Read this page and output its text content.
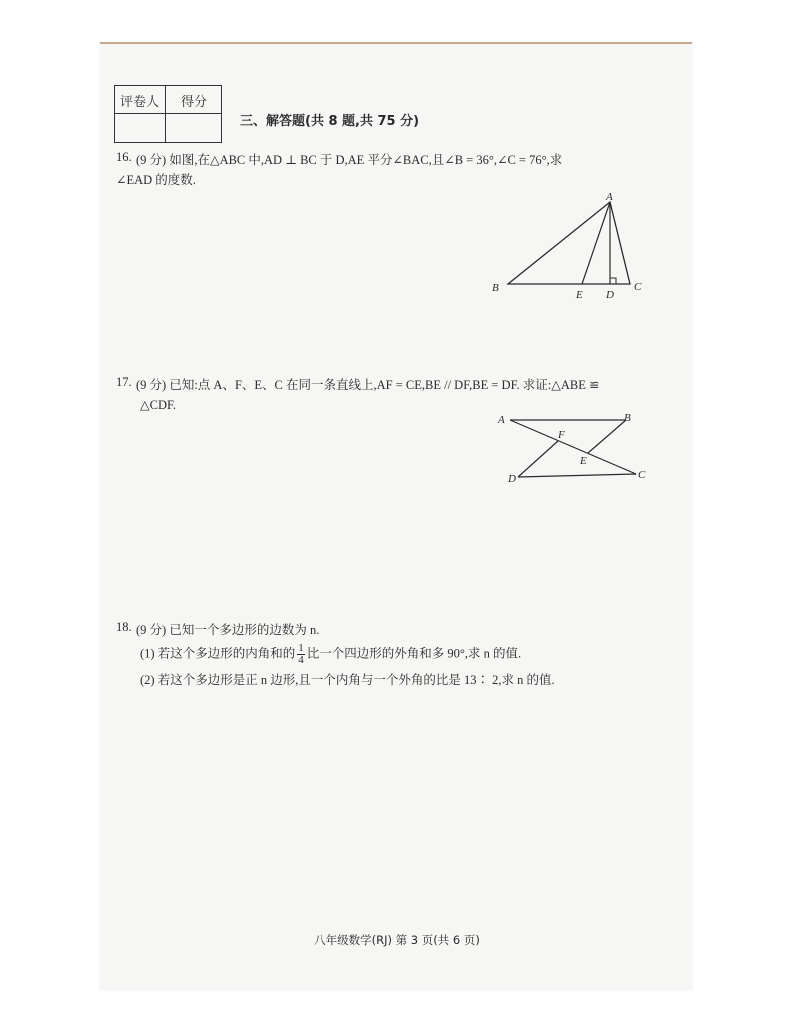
评卷人 得分
三、解答题(共 8 题,共 75 分)
16. (9 分) 如图,在△ABC 中,AD ⊥ BC 于 D,AE 平分∠BAC,且∠B = 36°,∠C = 76°,求
∠EAD 的度数.
A
B	C
D
E
17. (9 分) 已知:点 A、F、E、C 在同一条直线上,AF = CE,BE // DF,BE = DF. 求证:△ABE ≌
△CDF.
A	B
C
D
E
F
18. (9 分) 已知一个多边形的边数为 n.
(1) 若这个多边形的内角和的 $\frac{1}{4}$ 比一个四边形的外角和多 90°,求 n 的值.
(2) 若这个多边形是正 n 边形,且一个内角与一个外角的比是 13∶ 2,求 n 的值.
八年级数学(RJ) 第 3 页(共 6 页)
